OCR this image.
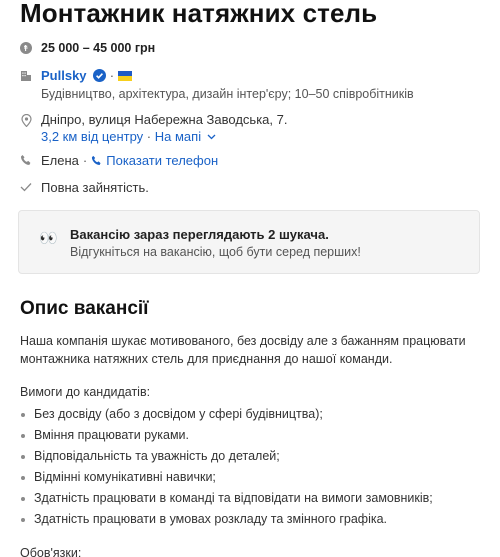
Монтажник натяжних стель
25 000 – 45 000 грн
Pullsky ·
Будівництво, архітектура, дизайн інтер'єру; 10–50 співробітників
Дніпро, вулиця Набережна Заводська, 7.
3,2 км від центру · На мапі
Елена · Показати телефон
Повна зайнятість.
👀 Вакансію зараз переглядають 2 шукача.
Відгукніться на вакансію, щоб бути серед перших!
Опис вакансії

Наша компанія шукає мотивованого, без досвіду але з бажанням працювати монтажника натяжних стель для приєднання до нашої команди.

Вимоги до кандидатів:

Без досвіду (або з досвідом у сфері будівництва);
Вміння працювати руками.
Відповідальність та уважність до деталей;
Відмінні комунікативні навички;
Здатність працювати в команді та відповідати на вимоги замовників;
Здатність працювати в умовах розкладу та змінного графіка.

Обов'язки:
